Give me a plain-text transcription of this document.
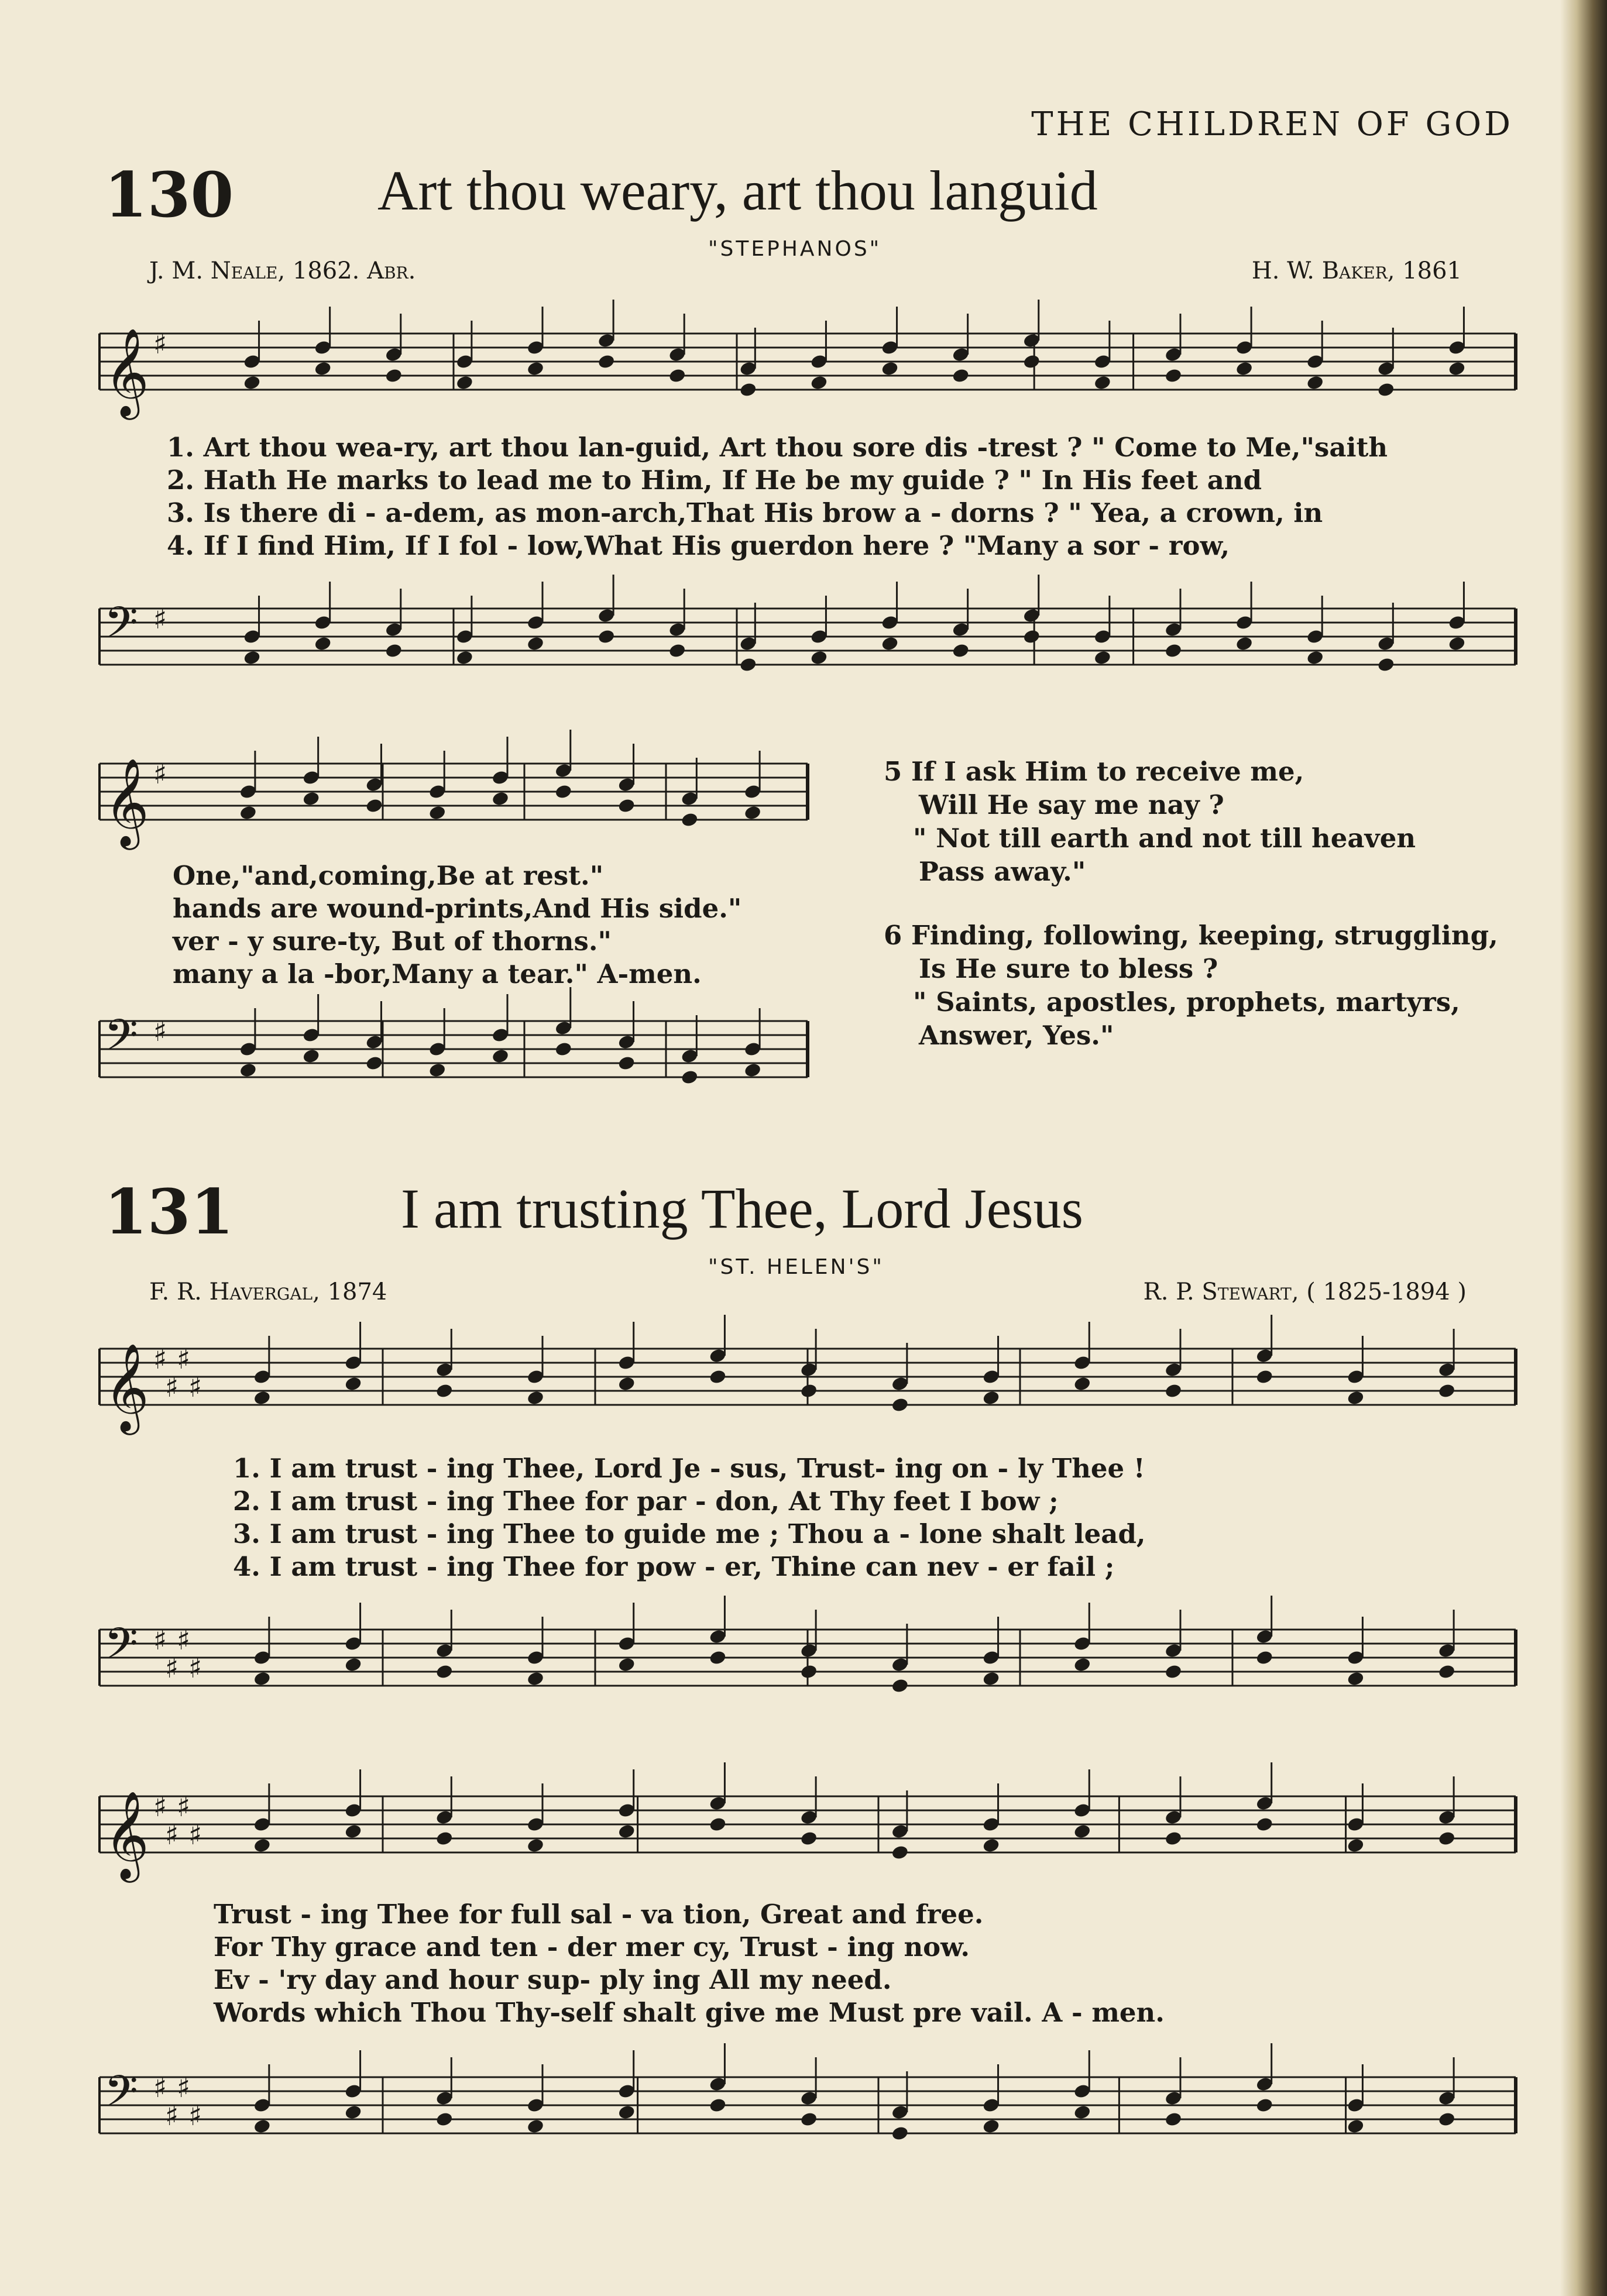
THE CHILDREN OF GOD
130	Art thou weary, art thou languid
"STEPHANOS"
J. M. Neale, 1862. Abr.	H. W. Baker, 1861
𝄞 ♯
1. Art thou wea-ry, art thou lan-guid, Art thou sore dis -trest ? " Come to Me,"saith
2. Hath He marks to lead me to Him, If He be my guide ? " In His feet and
3. Is there di - a-dem, as mon-arch,That His brow a - dorns ? " Yea, a crown, in
4. If I find Him, If I fol - low,What His guerdon here ? "Many a sor - row,
𝄢 ♯
𝄞 ♯
One,"and,coming,Be at rest."
hands are wound-prints,And His side."
ver - y sure-ty, But of thorns."
many a la -bor,Many a tear." A-men.
𝄢 ♯
5 If I ask Him to receive me,
Will He say me nay ?
" Not till earth and not till heaven
Pass away."
6 Finding, following, keeping, struggling,
Is He sure to bless ?
" Saints, apostles, prophets, martyrs,
Answer, Yes."
131	I am trusting Thee, Lord Jesus
"ST. HELEN'S"
F. R. Havergal, 1874	R. P. Stewart, ( 1825-1894 )
𝄞 ♯
♯
♯
♯
1. I am trust - ing Thee, Lord Je - sus, Trust- ing on - ly Thee !
2. I am trust - ing Thee for par - don, At Thy feet I bow ;
3. I am trust - ing Thee to guide me ; Thou a - lone shalt lead,
4. I am trust - ing Thee for pow - er, Thine can nev - er fail ;
𝄢 ♯
♯
♯
♯
𝄞 ♯
♯
♯
♯
Trust - ing Thee for full sal - va tion, Great and free.
For Thy grace and ten - der mer cy, Trust - ing now.
Ev - 'ry day and hour sup- ply ing All my need.
Words which Thou Thy-self shalt give me Must pre vail. A - men.
𝄢 ♯
♯
♯
♯
